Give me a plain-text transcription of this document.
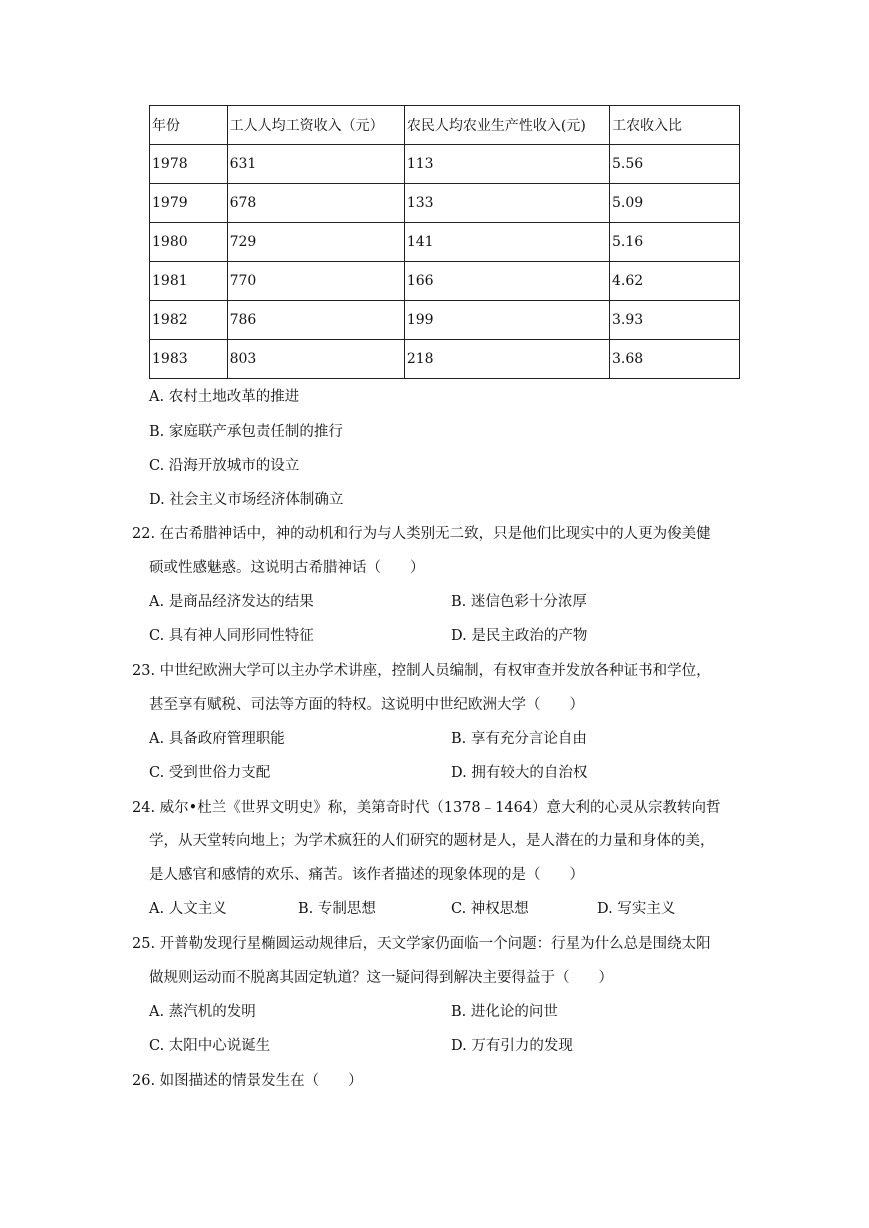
年份	工人人均工资收入（元）	农民人均农业生产性收入(元)	工农收入比
1978	631	113	5.56
1979	678	133	5.09
1980	729	141	5.16
1981	770	166	4.62
1982	786	199	3.93
1983	803	218	3.68
A. 农村土地改革的推进
B. 家庭联产承包责任制的推行
C. 沿海开放城市的设立
D. 社会主义市场经济体制确立
22. 在古希腊神话中，神的动机和行为与人类别无二致，只是他们比现实中的人更为俊美健
硕或性感魅惑。这说明古希腊神话（　　）
A. 是商品经济发达的结果	B. 迷信色彩十分浓厚
C. 具有神人同形同性特征	D. 是民主政治的产物
23. 中世纪欧洲大学可以主办学术讲座，控制人员编制，有权审查并发放各种证书和学位，
甚至享有赋税、司法等方面的特权。这说明中世纪欧洲大学（　　）
A. 具备政府管理职能	B. 享有充分言论自由
C. 受到世俗力支配	D. 拥有较大的自治权
24. 威尔•杜兰《世界文明史》称，美第奇时代（1378﹣1464）意大利的心灵从宗教转向哲
学，从天堂转向地上；为学术疯狂的人们研究的题材是人，是人潜在的力量和身体的美，
是人感官和感情的欢乐、痛苦。该作者描述的现象体现的是（　　）
A. 人文主义	B. 专制思想	C. 神权思想	D. 写实主义
25. 开普勒发现行星椭圆运动规律后，天文学家仍面临一个问题：行星为什么总是围绕太阳
做规则运动而不脱离其固定轨道？这一疑问得到解决主要得益于（　　）
A. 蒸汽机的发明	B. 进化论的问世
C. 太阳中心说诞生	D. 万有引力的发现
26. 如图描述的情景发生在（　　）
